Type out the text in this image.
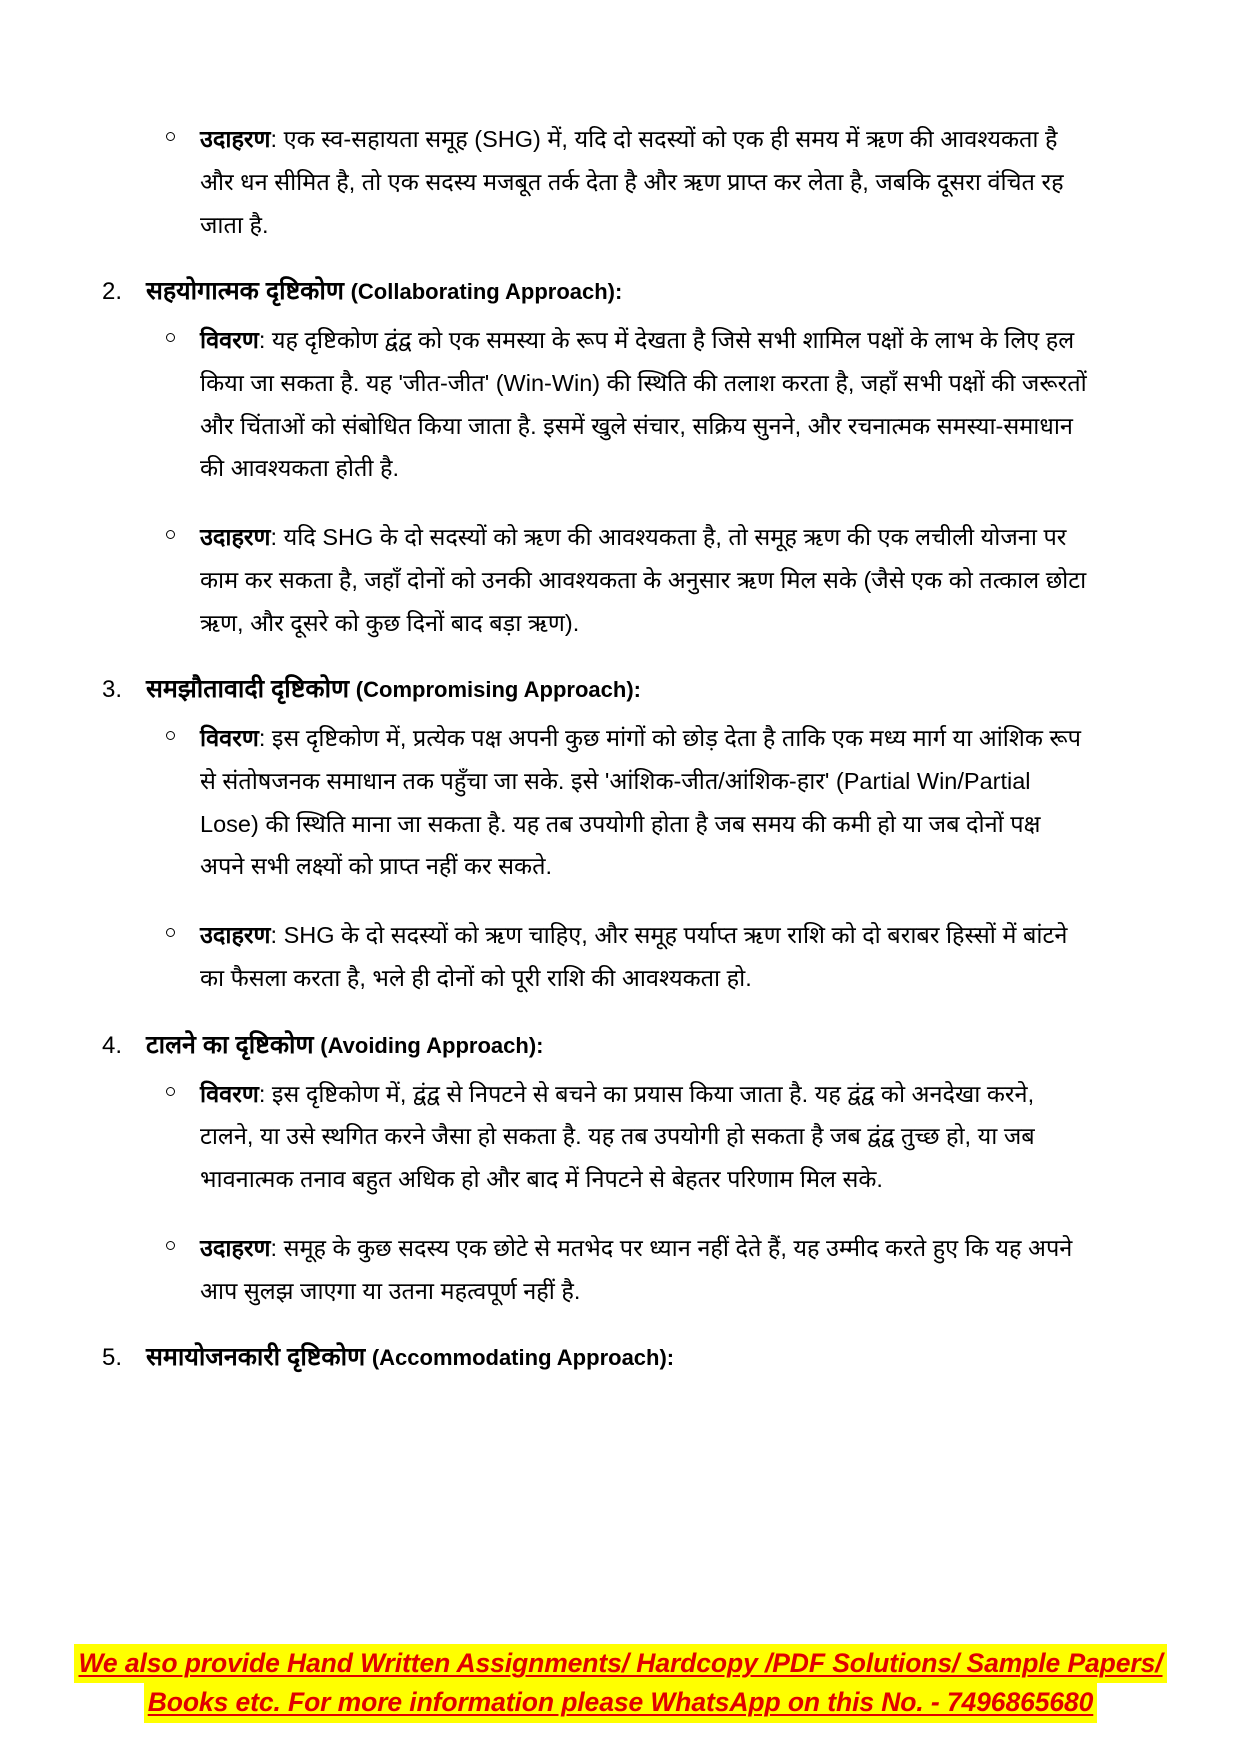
उदाहरण: एक स्व-सहायता समूह (SHG) में, यदि दो सदस्यों को एक ही समय में ऋण की आवश्यकता है और धन सीमित है, तो एक सदस्य मजबूत तर्क देता है और ऋण प्राप्त कर लेता है, जबकि दूसरा वंचित रह जाता है.
2. सहयोगात्मक दृष्टिकोण (Collaborating Approach):
विवरण: यह दृष्टिकोण द्वंद्व को एक समस्या के रूप में देखता है जिसे सभी शामिल पक्षों के लाभ के लिए हल किया जा सकता है. यह 'जीत-जीत' (Win-Win) की स्थिति की तलाश करता है, जहाँ सभी पक्षों की जरूरतों और चिंताओं को संबोधित किया जाता है. इसमें खुले संचार, सक्रिय सुनने, और रचनात्मक समस्या-समाधान की आवश्यकता होती है.
उदाहरण: यदि SHG के दो सदस्यों को ऋण की आवश्यकता है, तो समूह ऋण की एक लचीली योजना पर काम कर सकता है, जहाँ दोनों को उनकी आवश्यकता के अनुसार ऋण मिल सके (जैसे एक को तत्काल छोटा ऋण, और दूसरे को कुछ दिनों बाद बड़ा ऋण).
3. समझौतावादी दृष्टिकोण (Compromising Approach):
विवरण: इस दृष्टिकोण में, प्रत्येक पक्ष अपनी कुछ मांगों को छोड़ देता है ताकि एक मध्य मार्ग या आंशिक रूप से संतोषजनक समाधान तक पहुँचा जा सके. इसे 'आंशिक-जीत/आंशिक-हार' (Partial Win/Partial Lose) की स्थिति माना जा सकता है. यह तब उपयोगी होता है जब समय की कमी हो या जब दोनों पक्ष अपने सभी लक्ष्यों को प्राप्त नहीं कर सकते.
उदाहरण: SHG के दो सदस्यों को ऋण चाहिए, और समूह पर्याप्त ऋण राशि को दो बराबर हिस्सों में बांटने का फैसला करता है, भले ही दोनों को पूरी राशि की आवश्यकता हो.
4. टालने का दृष्टिकोण (Avoiding Approach):
विवरण: इस दृष्टिकोण में, द्वंद्व से निपटने से बचने का प्रयास किया जाता है. यह द्वंद्व को अनदेखा करने, टालने, या उसे स्थगित करने जैसा हो सकता है. यह तब उपयोगी हो सकता है जब द्वंद्व तुच्छ हो, या जब भावनात्मक तनाव बहुत अधिक हो और बाद में निपटने से बेहतर परिणाम मिल सके.
उदाहरण: समूह के कुछ सदस्य एक छोटे से मतभेद पर ध्यान नहीं देते हैं, यह उम्मीद करते हुए कि यह अपने आप सुलझ जाएगा या उतना महत्वपूर्ण नहीं है.
5. समायोजनकारी दृष्टिकोण (Accommodating Approach):
We also provide Hand Written Assignments/ Hardcopy /PDF Solutions/ Sample Papers/
Books etc. For more information please WhatsApp on this No. - 7496865680
